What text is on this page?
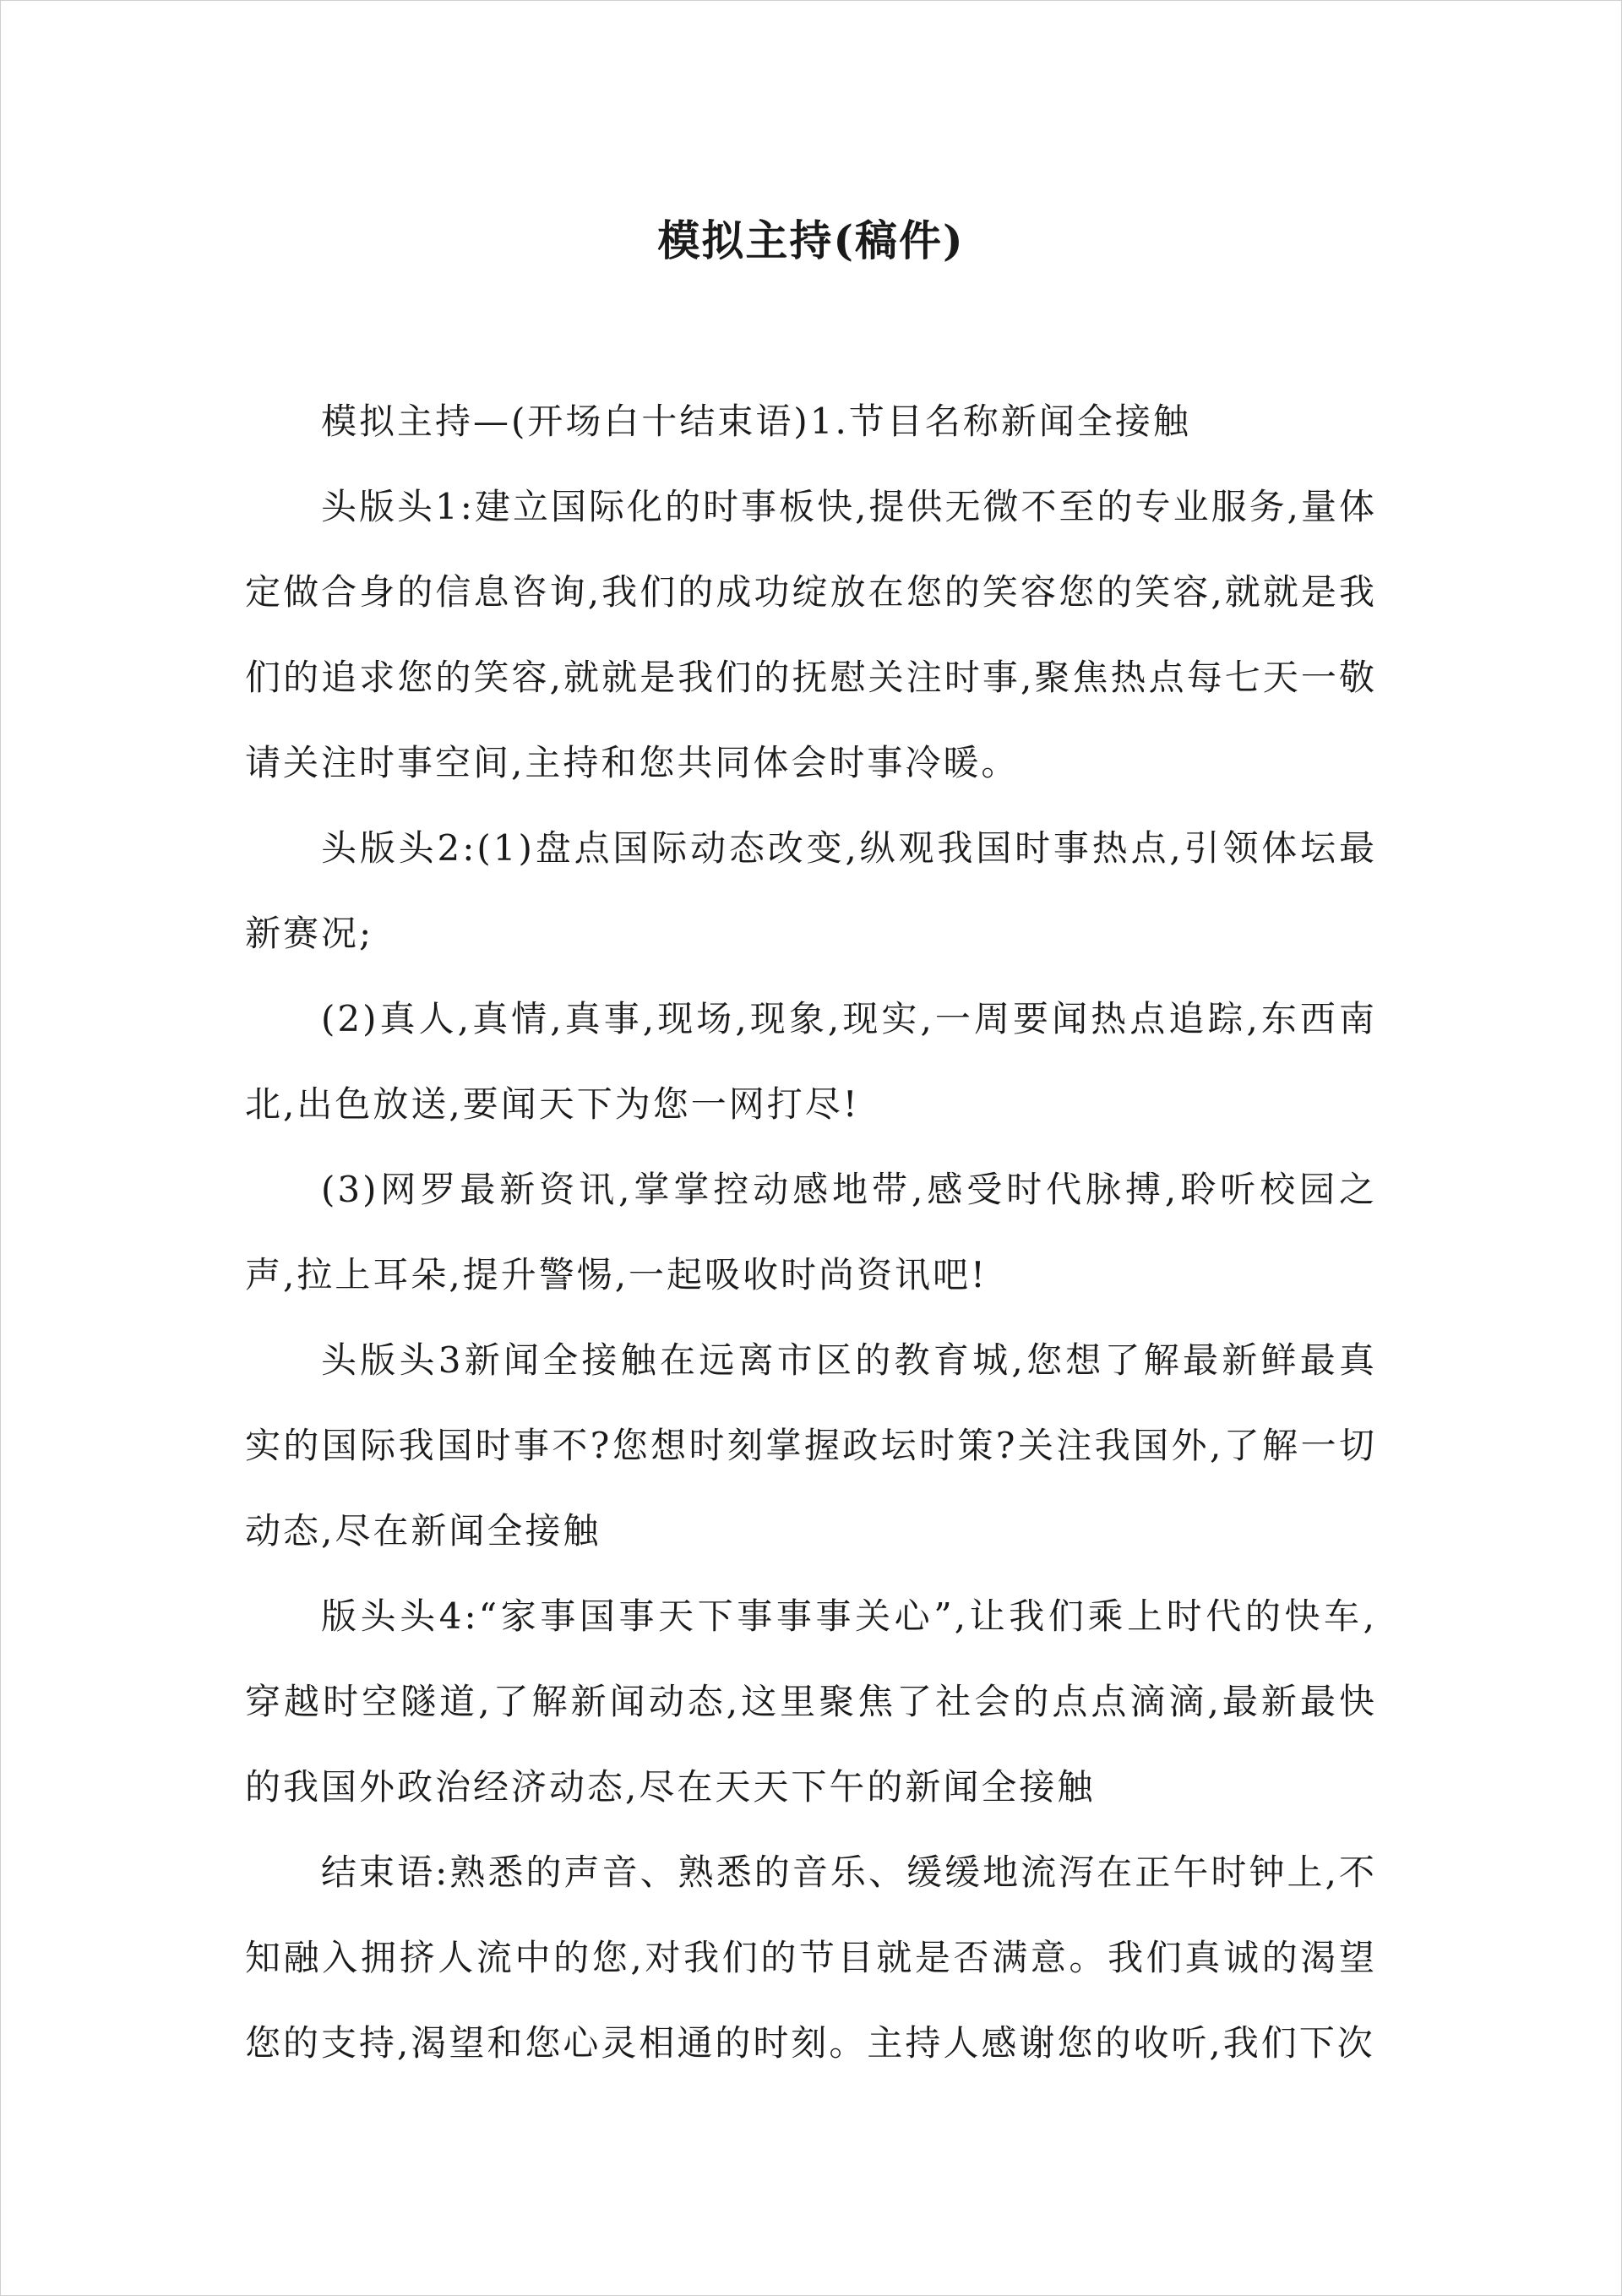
模拟主持(稿件)

模拟主持—(开场白十结束语)1.节目名称新闻全接触

头版头1:建立国际化的时事板快,提供无微不至的专业服务,量体定做合身的信息咨询,我们的成功绽放在您的笑容您的笑容,就就是我们的追求您的笑容,就就是我们的抚慰关注时事,聚焦热点每七天一敬请关注时事空间,主持和您共同体会时事冷暖。

头版头2:(1)盘点国际动态改变,纵观我国时事热点,引领体坛最新赛况;

(2)真人,真情,真事,现场,现象,现实,一周要闻热点追踪,东西南北,出色放送,要闻天下为您一网打尽!

(3)网罗最新资讯,掌掌控动感地带,感受时代脉搏,聆听校园之声,拉上耳朵,提升警惕,一起吸收时尚资讯吧!

头版头3新闻全接触在远离市区的教育城,您想了解最新鲜最真实的国际我国时事不?您想时刻掌握政坛时策?关注我国外,了解一切动态,尽在新闻全接触

版头头4:“家事国事天下事事事关心”,让我们乘上时代的快车,穿越时空隧道,了解新闻动态,这里聚焦了社会的点点滴滴,最新最快的我国外政治经济动态,尽在天天下午的新闻全接触

结束语:熟悉的声音、熟悉的音乐、缓缓地流泻在正午时钟上,不知融入拥挤人流中的您,对我们的节目就是否满意。我们真诚的渴望您的支持,渴望和您心灵相通的时刻。主持人感谢您的收听,我们下次
